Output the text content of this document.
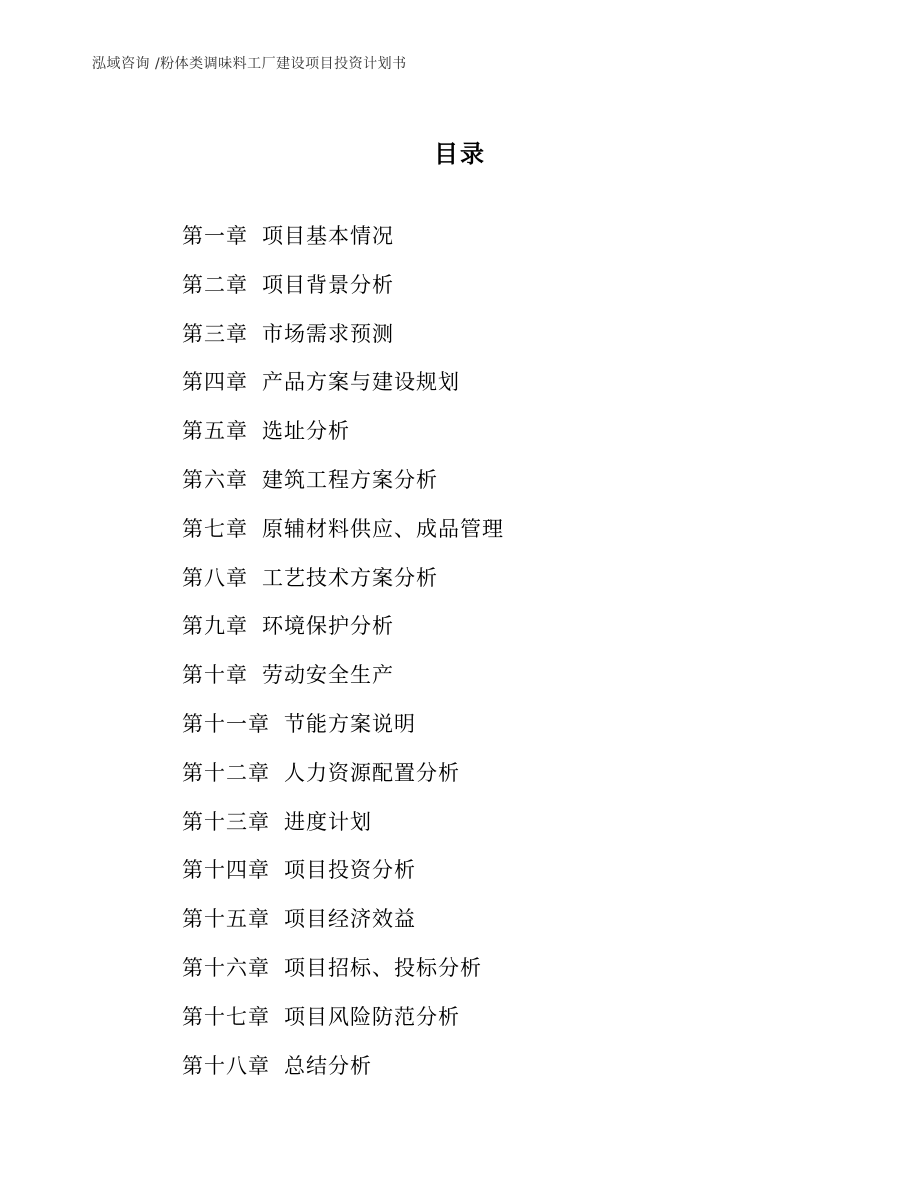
泓域咨询 /粉体类调味料工厂建设项目投资计划书
目录
第一章 项目基本情况
第二章 项目背景分析
第三章 市场需求预测
第四章 产品方案与建设规划
第五章 选址分析
第六章 建筑工程方案分析
第七章 原辅材料供应、成品管理
第八章 工艺技术方案分析
第九章 环境保护分析
第十章 劳动安全生产
第十一章 节能方案说明
第十二章 人力资源配置分析
第十三章 进度计划
第十四章 项目投资分析
第十五章 项目经济效益
第十六章 项目招标、投标分析
第十七章 项目风险防范分析
第十八章 总结分析
